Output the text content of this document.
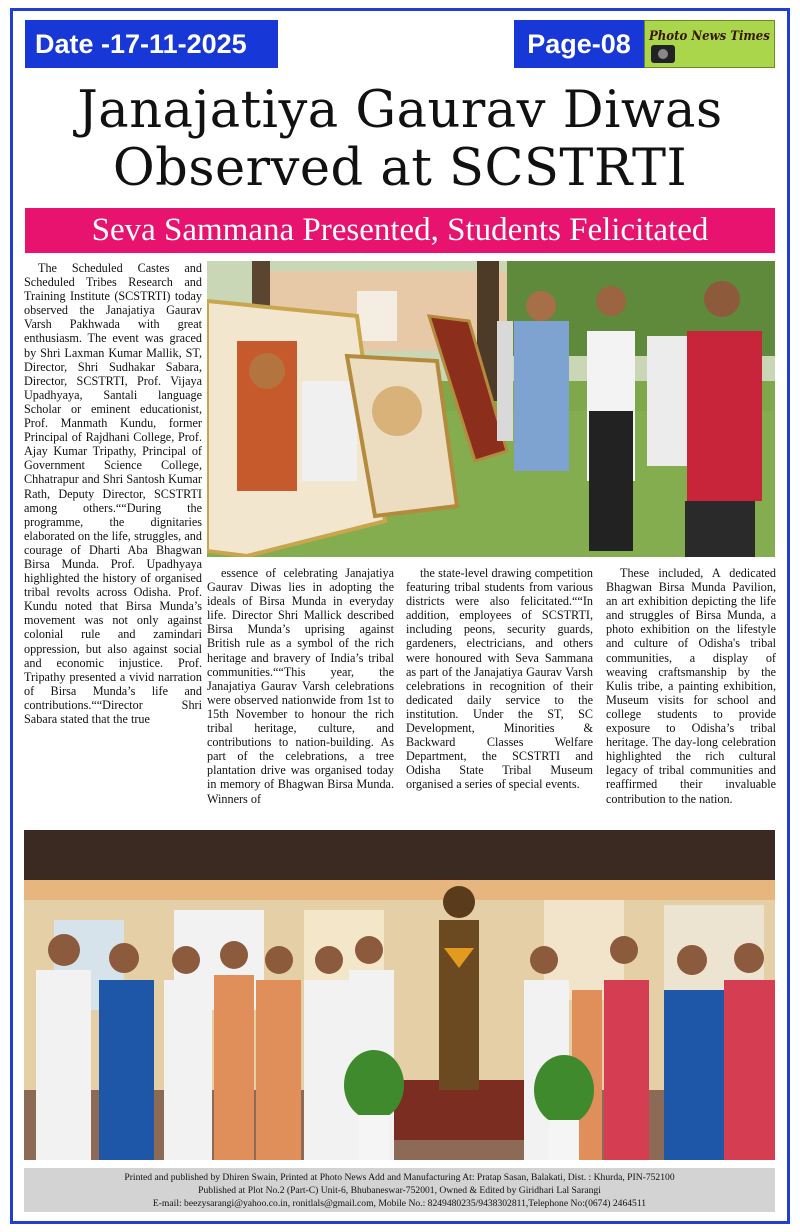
Date -17-11-2025	Page-08	Photo News Times
Janajatiya Gaurav Diwas
Observed at SCSTRTI
Seva Sammana Presented, Students Felicitated

The Scheduled Castes and Scheduled Tribes Research and Training Institute (SCSTRTI) today observed the Janajatiya Gaurav Varsh Pakhwada with great enthusiasm. The event was graced by Shri Laxman Kumar Mallik, ST, Director, Shri Sudhakar Sabara, Director, SCSTRTI, Prof. Vijaya Upadhyaya, Santali language Scholar or eminent educationist, Prof. Manmath Kundu, former Principal of Rajdhani College, Prof. Ajay Kumar Tripathy, Principal of Government Science College, Chhatrapur and Shri Santosh Kumar Rath, Deputy Director, SCSTRTI among others.““During the programme, the dignitaries elaborated on the life, struggles, and courage of Dharti Aba Bhagwan Birsa Munda. Prof. Upadhyaya highlighted the history of organised tribal revolts across Odisha. Prof. Kundu noted that Birsa Munda’s movement was not only against colonial rule and zamindari oppression, but also against social and economic injustice. Prof. Tripathy presented a vivid narration of Birsa Munda’s life and contributions.““Director Shri Sabara stated that the true

essence of celebrating Janajatiya Gaurav Diwas lies in adopting the ideals of Birsa Munda in everyday life. Director Shri Mallick described Birsa Munda’s uprising against British rule as a symbol of the rich heritage and bravery of India’s tribal communities.““This year, the Janajatiya Gaurav Varsh celebrations were observed nationwide from 1st to 15th November to honour the rich tribal heritage, culture, and contributions to nation-building. As part of the celebrations, a tree plantation drive was organised today in memory of Bhagwan Birsa Munda. Winners of

the state-level drawing competition featuring tribal students from various districts were also felicitated.““In addition, employees of SCSTRTI, including peons, security guards, gardeners, electricians, and others were honoured with Seva Sammana as part of the Janajatiya Gaurav Varsh celebrations in recognition of their dedicated daily service to the institution. Under the ST, SC Development, Minorities & Backward Classes Welfare Department, the SCSTRTI and Odisha State Tribal Museum organised a series of special events.

These included, A dedicated Bhagwan Birsa Munda Pavilion, an art exhibition depicting the life and struggles of Birsa Munda, a photo exhibition on the lifestyle and culture of Odisha's tribal communities, a display of weaving craftsmanship by the Kulis tribe, a painting exhibition, Museum visits for school and college students to provide exposure to Odisha’s tribal heritage. The day-long celebration highlighted the rich cultural legacy of tribal communities and reaffirmed their invaluable contribution to the nation.

Printed and published by Dhiren Swain, Printed at Photo News Add and Manufacturing At: Pratap Sasan, Balakati, Dist. : Khurda, PIN-752100
Published at Plot No.2 (Part-C) Unit-6, Bhubaneswar-752001, Owned & Edited by Giridhari Lal Sarangi
E-mail: beezysarangi@yahoo.co.in, ronitlals@gmail.com, Mobile No.: 8249480235/9438302811,Telephone No:(0674) 2464511
